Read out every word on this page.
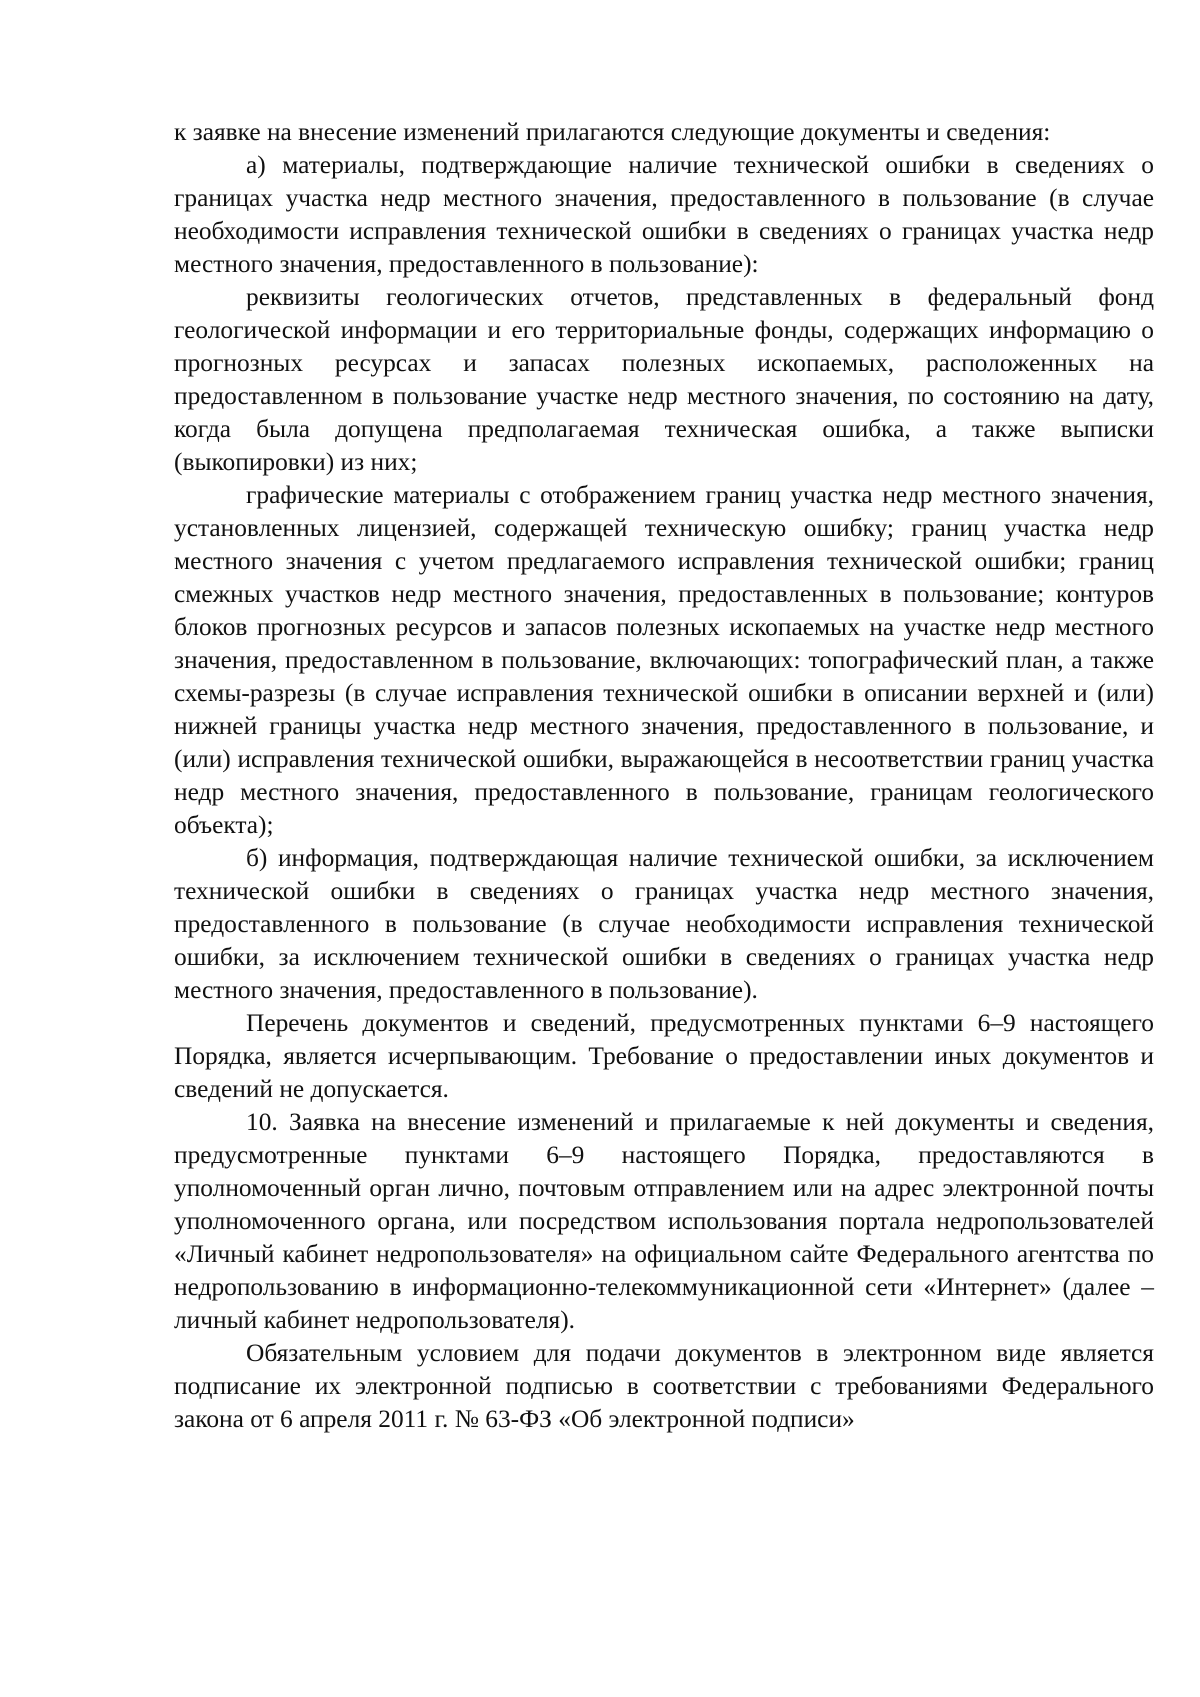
к заявке на внесение изменений прилагаются следующие документы и сведения:

а) материалы, подтверждающие наличие технической ошибки в сведениях о границах участка недр местного значения, предоставленного в пользование (в случае необходимости исправления технической ошибки в сведениях о границах участка недр местного значения, предоставленного в пользование):

реквизиты геологических отчетов, представленных в федеральный фонд геологической информации и его территориальные фонды, содержащих информацию о прогнозных ресурсах и запасах полезных ископаемых, расположенных на предоставленном в пользование участке недр местного значения, по состоянию на дату, когда была допущена предполагаемая техническая ошибка, а также выписки (выкопировки) из них;

графические материалы с отображением границ участка недр местного значения, установленных лицензией, содержащей техническую ошибку; границ участка недр местного значения с учетом предлагаемого исправления технической ошибки; границ смежных участков недр местного значения, предоставленных в пользование; контуров блоков прогнозных ресурсов и запасов полезных ископаемых на участке недр местного значения, предоставленном в пользование, включающих: топографический план, а также схемы-разрезы (в случае исправления технической ошибки в описании верхней и (или) нижней границы участка недр местного значения, предоставленного в пользование, и (или) исправления технической ошибки, выражающейся в несоответствии границ участка недр местного значения, предоставленного в пользование, границам геологического объекта);

б) информация, подтверждающая наличие технической ошибки, за исключением технической ошибки в сведениях о границах участка недр местного значения, предоставленного в пользование (в случае необходимости исправления технической ошибки, за исключением технической ошибки в сведениях о границах участка недр местного значения, предоставленного в пользование).

Перечень документов и сведений, предусмотренных пунктами 6–9 настоящего Порядка, является исчерпывающим. Требование о предоставлении иных документов и сведений не допускается.

10. Заявка на внесение изменений и прилагаемые к ней документы и сведения, предусмотренные пунктами 6–9 настоящего Порядка, предоставляются в уполномоченный орган лично, почтовым отправлением или на адрес электронной почты уполномоченного органа, или посредством использования портала недропользователей «Личный кабинет недропользователя» на официальном сайте Федерального агентства по недропользованию в информационно-телекоммуникационной сети «Интернет» (далее – личный кабинет недропользователя).

Обязательным условием для подачи документов в электронном виде является подписание их электронной подписью в соответствии с требованиями Федерального закона от 6 апреля 2011 г. № 63-ФЗ «Об электронной подписи»
